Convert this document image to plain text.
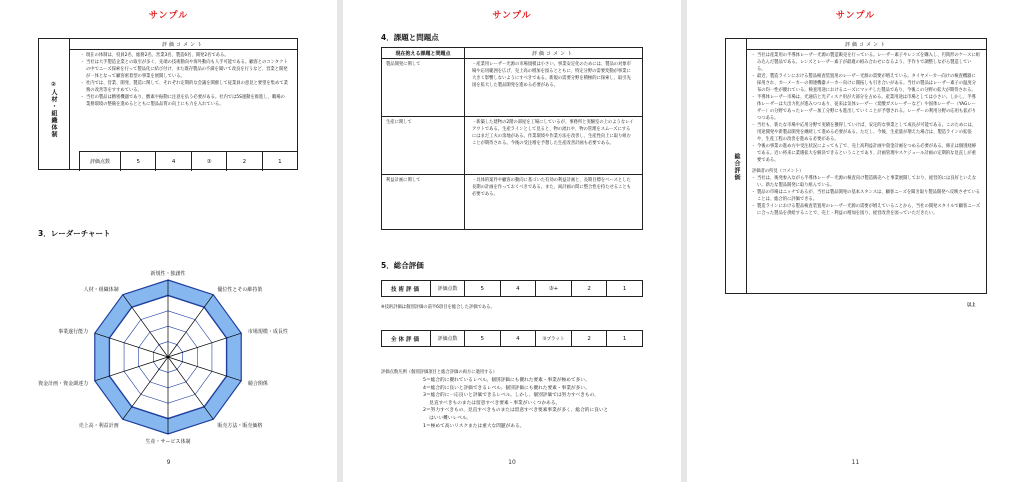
サンプル
②人材・組織体制
評価コメント
・ 現在の体制は、役員2名、総務2名、営業3名、製造6名、開発2名である。
・ 当社は大手製造企業との取引が多く、先端の技術動向や海外動向も人手可能である。顧客とのコンタクトの中でニーズ探索を行って製品化に結び付け、また既存製品の不満を聞いて改良を行うなど、営業と開発が一体となって顧客密着型の事業を展開している。
・ 社内では、営業、開発、製造に関して、それぞれ定期的な会議を開催して従業員の意見と要望を集めて業務の改善等をすすめている。
・ 当社の製品は精密機器であり、酸素や振動に注意を払う必要がある。社内では5S運動を推進し、職場の業務環境の整備を進めるとともに製品品質の向上にも力を入れている。
評価点数	5	4	③	2	1
3．レーダーチャート
新規性・独創性
優位性とその維持策
市場規模・成長性
競合関係
販売方法・販売価格
生産・サービス体制
売上高・利益計画
資金計画・資金調達力
事業遂行能力
人材・組織体制
9
サンプル
4．課題と問題点
現在抱える課題と問題点	評価コメント
製品開発に関して	・産業用レーザー光源の市場規模は小さい。事業安定化のためには、製品の対象市場や応用範囲を広げ、売上高の増加を図るとともに、特定分野の需要変動が事業に大きく影響しないようにすべきである。新規の需要分野を積極的に探索し、取引先国を拡大した製品開発を進める必要がある。
生産に関して	・新築した建物の2階の部屋を工場にしているが、事務所と実験室の上のようなレイアウトである。生産ラインとして見ると、物の流れや、物の管理をスムーズにするにはまだ工夫の余地がある。作業環境や作業方法を改善し、生産性向上に取り組むことが期待される。今後の受注増を予想した生産改善計画も必要である。
利益計画に関して	・具体的案件や顧客の動向に基づいた有効の利益計画と、長期目標をベースとした長期の計画を作っておくべきである。また、両計画の間に整合性を持たせることも必要である。
5．総合評価
技術評価	評価点数	5	4	③+	2	1
※技術評価は個別評価の前半6項目を総合した評価である。
全体評価	評価点数	5	4	③プラット	2	1
評価点数凡例（個別評価項目と総合評価の両方に適用する）
5＝総合的に優れているレベル。個別評価にも優れた要素・事業が極めて多い。
4＝総合的に良いと評価できるレベル。個別評価にも優れた要素・事業が多い。
3＝総合的に一応良いと評価できるレベル。しかし、個別評価では努力すべきもの、
　 見直すべきものまたは留意すべき要素・事業がいくつかある。
2＝努力すべきもの、見直すべきものまたは留意すべき要素事業が多く、総合的に良いと
　 はいい難いレベル。
1＝極めて高いリスクまたは重大な問題がある。
10
サンプル
総合評価
評価コメント
・ 当社は産業用の半導体レーザー光源の製造販売を行っている。レーザー素子やレンズを購入し、円筒形のケースに組み込んだ製品である。レンズとレーザー素子が最適の組み合わせになるよう、手作りで調整しながら製造している。
・ 最近、製造ラインにおける製品検査装置用のレーザー光源の需要が増えている。タイヤメーカー向けの検査機器に採用され、カーメーカーの関連機器メーカー向けに開拓しも引き合いがある。当社の製品はレーザー素子の温度分布の均一性が優れている。検査用途におけるニーズにマッチした製品であり、今後この分野の拡大が期待される。
・ 半導体レーザー市場は、光通信と光ディスク用が大部分を占める。産業用途は市場としては小さい。しかし、半導体レーザーは大出力化が進みつつあり、従来は気体レーザー（炭酸ガスレーザーなど）や固体レーザー（YAGレーザー）の分野であったレーザー加工分野にも進出していくことが予想される。レーザーの利用分野の応用も拡がりつつある。
・ 当社も、新たな市場や応用分野で実績を獲得していけば、安定的な事業として成長が可能である。このためには、用途開発や新製品開発を継続して進める必要がある。ただし、今後、生産量が増えた場合は、製造ラインの拡張や、生産工程の改善を進める必要がある。
・ 今後の事業の進め方や受注状況によっても了で、売上高利益計画や資金計画をつめる必要がある。修正は個別経緯である。近い将来に業績拡大を解決できるということであり、計画管理やスケジュール計画の定期的な見直しが重要である。
評価者の所見（コメント）
・ 当社は、後発参入ながら半導体レーザー光源の検査向け製造販売へと事業展開しており、経営的には良好といえない。新たな製品開発に取り組んでいる。
・ 製品の市場はニッチであるが、当社は製品開発の基本スタンスは、顧客ニーズを聞き取り製品開発へ反映させていることは、総合的に評価できる。
・ 製造ラインにおける製品検査装置用のレーザー光源の需要が増えていることから、当社の開発スタイルで顧客ニーズに合った製品を供給することで、売上・利益の増加を図り、経営改善を図っていただきたい。
以上
11
